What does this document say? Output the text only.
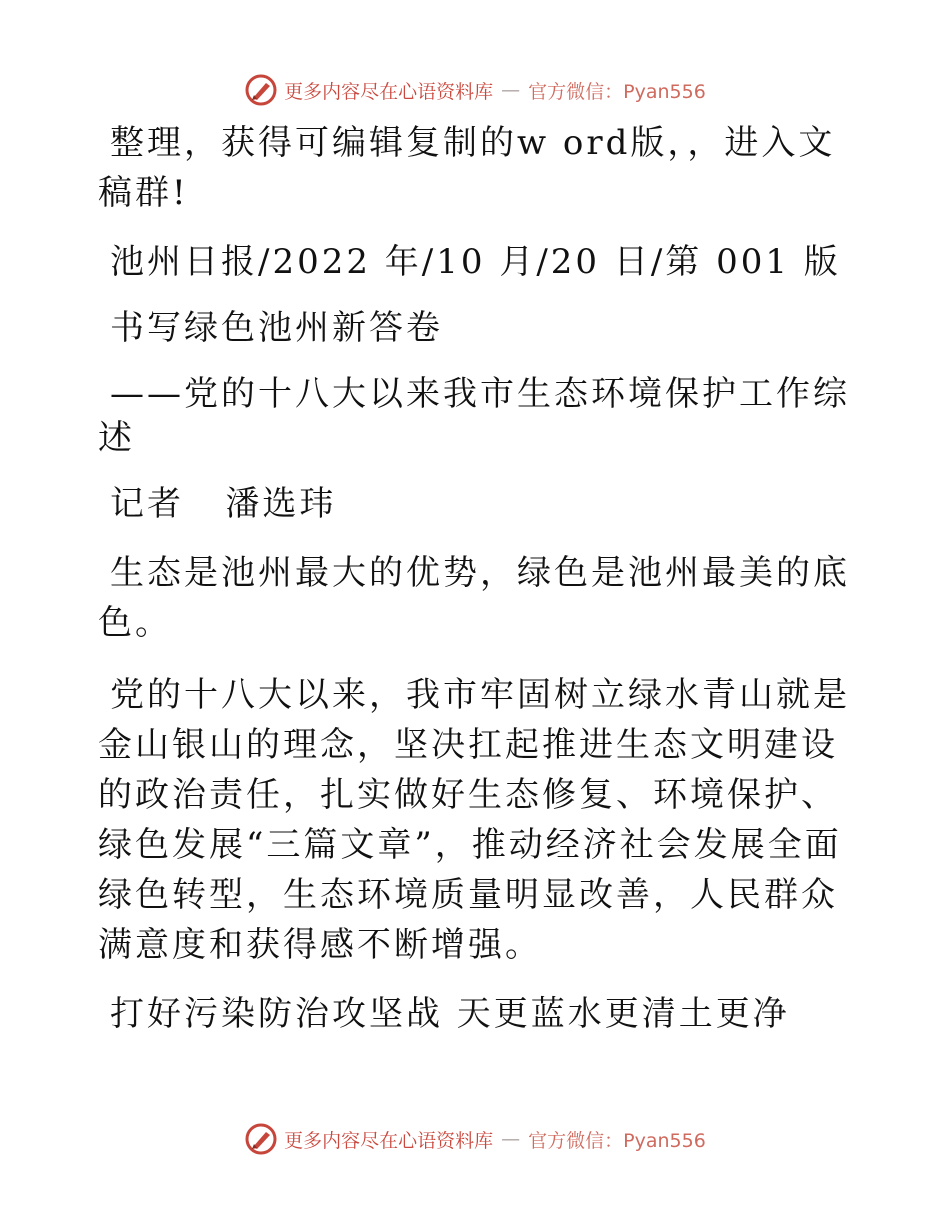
更多内容尽在心语资料库 — 官方微信：Pyan556

整理，获得可编辑复制的w ord版，，进入文稿群!

池州日报/2022 年/10 月/20 日/第 001 版

书写绿色池州新答卷

——党的十八大以来我市生态环境保护工作综述

记者   潘选玮

生态是池州最大的优势，绿色是池州最美的底色。

党的十八大以来，我市牢固树立绿水青山就是金山银山的理念，坚决扛起推进生态文明建设的政治责任，扎实做好生态修复、环境保护、绿色发展“三篇文章”，推动经济社会发展全面绿色转型，生态环境质量明显改善，人民群众满意度和获得感不断增强。

打好污染防治攻坚战 天更蓝水更清土更净

更多内容尽在心语资料库 — 官方微信：Pyan556
